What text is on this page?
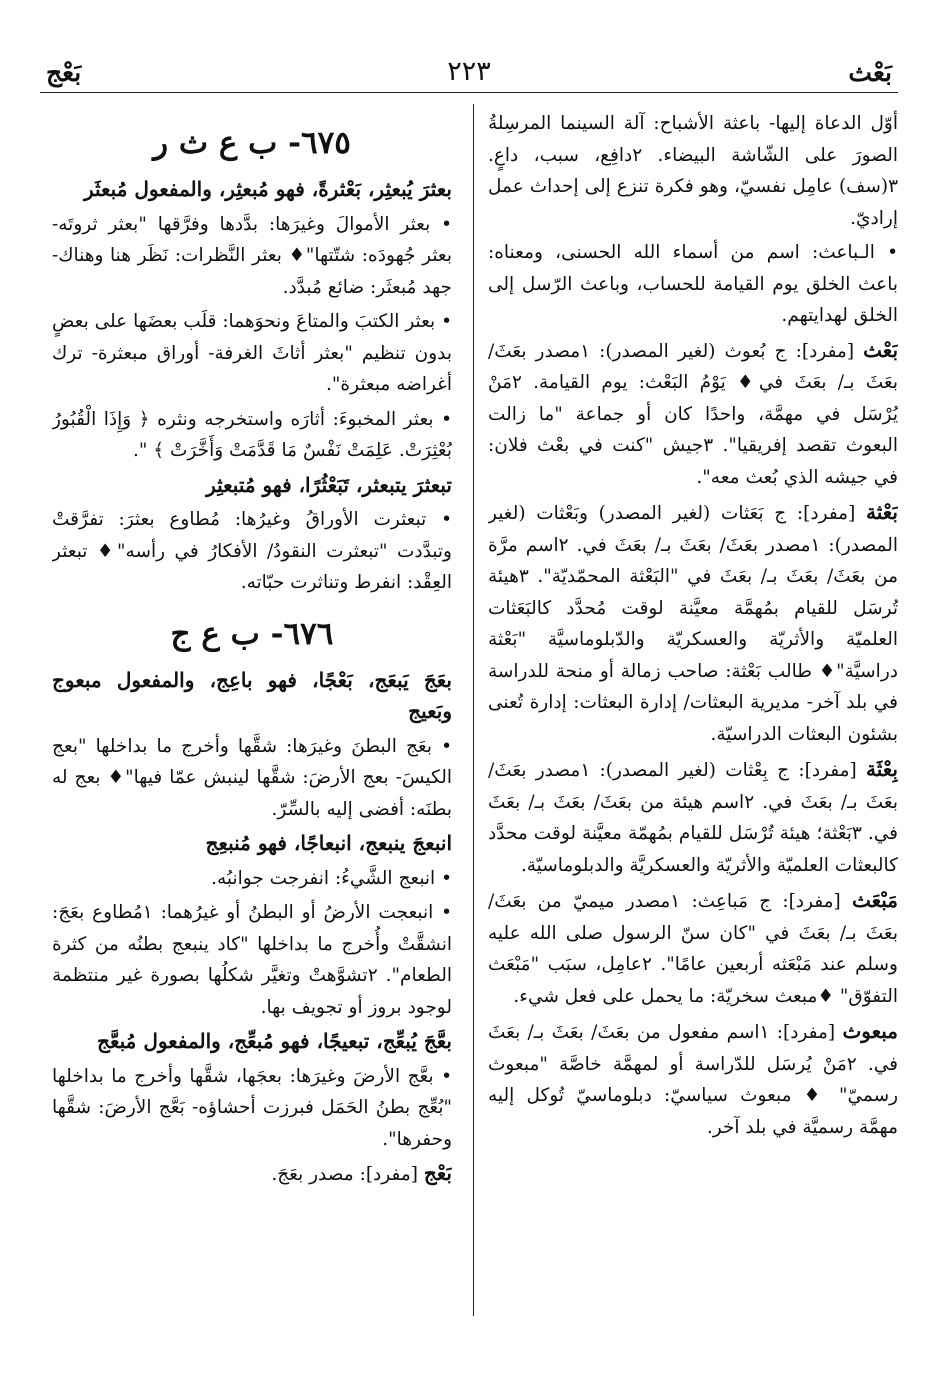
بَعْث
٢٢٣
بَعْج

أوّل الدعاة إليها- باعثة الأشباح: آلة السينما المرسِلةُ الصورَ على الشّاشة البيضاء. ٢دافِع، سبب، داعٍ. ٣(سف) عامِل نفسيّ، وهو فكرة تنزع إلى إحداث عمل إراديّ.

• الـباعث: اسم من أسماء الله الحسنى، ومعناه: باعث الخلق يوم القيامة للحساب، وباعث الرّسل إلى الخلق لهدايتهم.

بَعْث [مفرد]: ج بُعوث (لغير المصدر): ١مصدر بعَثَ/ بعَثَ بـ/ بعَثَ في♦ يَوْمُ البَعْث: يوم القيامة. ٢مَنْ يُرْسَل في مهمَّة، واحدًا كان أو جماعة "ما زالت البعوث تقصد إفريقيا". ٣جيش "كنت في بعْث فلان: في جيشه الذي بُعث معه".

بَعْثة [مفرد]: ج بَعَثات (لغير المصدر) وبَعْثات (لغير المصدر): ١مصدر بعَثَ/ بعَثَ بـ/ بعَثَ في. ٢اسم مرَّة من بعَثَ/ بعَثَ بـ/ بعَثَ في "البَعْثة المحمّديّة". ٣هيئة تُرسَل للقيام بمُهمَّة معيَّنة لوقت مُحدَّد كالبَعَثات العلميّة والأثريّة والعسكريّة والدّبلوماسيَّة "بَعْثة دراسيَّة"♦ طالب بَعْثة: صاحب زمالة أو منحة للدراسة في بلد آخر- مديرية البعثات/ إدارة البعثات: إدارة تُعنى بشئون البعثات الدراسيّة.

بِعْثَة [مفرد]: ج بِعْثات (لغير المصدر): ١مصدر بعَثَ/ بعَثَ بـ/ بعَثَ في. ٢اسم هيئة من بعَثَ/ بعَثَ بـ/ بعَثَ في. ٣بَعْثة؛ هيئة تُرْسَل للقيام بمُهمّة معيَّنة لوقت محدَّد كالبعثات العلميّة والأثريّة والعسكريَّة والدبلوماسيّة.

مَبْعَث [مفرد]: ج مَباعِث: ١مصدر ميميّ من بعَثَ/ بعَثَ بـ/ بعَثَ في "كان سنّ الرسول صلى الله عليه وسلم عند مَبْعَثه أربعين عامًا". ٢عامِل، سبَب "مَبْعَث التفوّق" ♦مبعث سخريّة: ما يحمل على فعل شيء.

مبعوث [مفرد]: ١اسم مفعول من بعَثَ/ بعَثَ بـ/ بعَثَ في. ٢مَنْ يُرسَل للدّراسة أو لمهمَّة خاصَّة "مبعوث رسميّ" ♦ مبعوث سياسيّ: دبلوماسيّ تُوكل إليه مهمَّة رسميَّة في بلد آخر.

٦٧٥- ب ع ث ر

بعثرَ يُبعثِر، بَعْثرةً، فهو مُبعثِر، والمفعول مُبعثَر

• بعثر الأموالَ وغيرَها: بدَّدها وفرَّقها "بعثر ثروتَه- بعثر جُهودَه: شتّتها"♦ بعثر النَّظرات: نَظَر هنا وهناك- جهد مُبعثَر: ضائع مُبدَّد.

• بعثر الكتبَ والمتاعَ ونحوَهما: قلَب بعضَها على بعضٍ بدون تنظيم "بعثر أثاثَ الغرفة- أوراق مبعثرة- ترك أغراضه مبعثرة".

• بعثر المخبوءَ: أثارَه واستخرجه ونثره ﴿ وَإِذَا الْقُبُورُ بُعْثِرَتْ. عَلِمَتْ نَفْسٌ مَا قَدَّمَتْ وَأَخَّرَتْ ﴾ ".

تبعثرَ يتبعثر، تَبَعْثُرًا، فهو مُتبعثِر

• تبعثرت الأوراقُ وغيرُها: مُطاوع بعثرَ: تفرَّقتْ وتبدَّدت "تبعثرت النقودُ/ الأفكارُ في رأسه"♦ تبعثر العِقْد: انفرط وتناثرت حبّاته.

٦٧٦- ب ع ج

بعَجَ يَبعَج، بَعْجًا، فهو باعِج، والمفعول مبعوج وبَعيج

• بعَج البطنَ وغيرَها: شقَّها وأخرج ما بداخلها "بعج الكيسَ- بعج الأرضَ: شقَّها لينبش عمّا فيها"♦ بعج له بطنَه: أفضى إليه بالسِّرّ.

انبعجَ ينبعج، انبعاجًا، فهو مُنبعِج

• انبعج الشَّيءُ: انفرجت جوانبُه.

• انبعجت الأرضُ أو البطنُ أو غيرُهما: ١مُطاوع بعَجَ: انشقَّتْ وأُخرج ما بداخلها "كاد ينبعج بطنُه من كثرة الطعام". ٢تشوَّهتْ وتغيَّر شكلُها بصورة غير منتظمة لوجود بروز أو تجويف بها.

بعَّجَ يُبعِّج، تبعيجًا، فهو مُبعِّج، والمفعول مُبعَّج

• بعَّج الأرضَ وغيرَها: بعجَها، شقَّها وأخرج ما بداخلها "بُعِّج بطنُ الحَمَل فبرزت أحشاؤه- بَعَّج الأرضَ: شقَّها وحفرها".

بَعْج [مفرد]: مصدر بعَجَ.
